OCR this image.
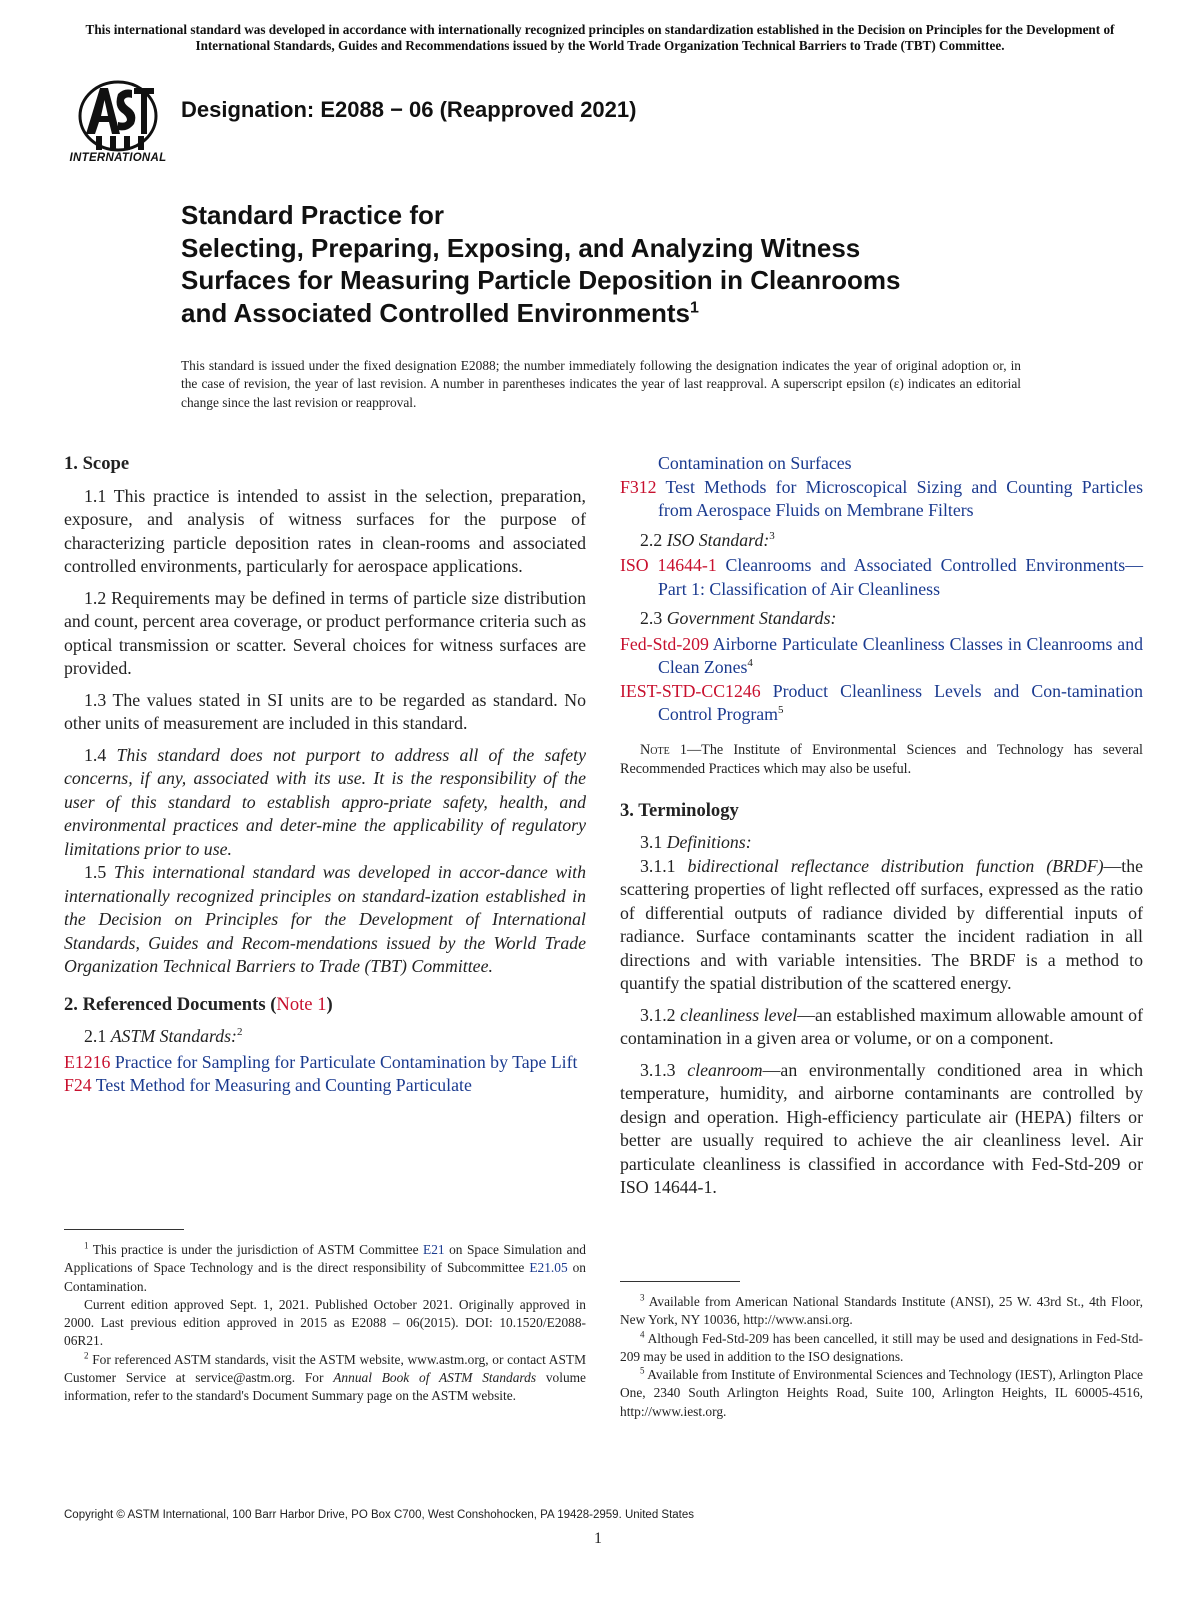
This international standard was developed in accordance with internationally recognized principles on standardization established in the Decision on Principles for the Development of International Standards, Guides and Recommendations issued by the World Trade Organization Technical Barriers to Trade (TBT) Committee.
INTERNATIONAL
Designation: E2088 − 06 (Reapproved 2021)
Standard Practice for
Selecting, Preparing, Exposing, and Analyzing Witness
Surfaces for Measuring Particle Deposition in Cleanrooms
and Associated Controlled Environments$^1$
This standard is issued under the fixed designation E2088; the number immediately following the designation indicates the year of original adoption or, in the case of revision, the year of last revision. A number in parentheses indicates the year of last reapproval. A superscript epsilon (ε) indicates an editorial change since the last revision or reapproval.
1. Scope

1.1 This practice is intended to assist in the selection, preparation, exposure, and analysis of witness surfaces for the purpose of characterizing particle deposition rates in clean-rooms and associated controlled environments, particularly for aerospace applications.

1.2 Requirements may be defined in terms of particle size distribution and count, percent area coverage, or product performance criteria such as optical transmission or scatter. Several choices for witness surfaces are provided.

1.3 The values stated in SI units are to be regarded as standard. No other units of measurement are included in this standard.

1.4 This standard does not purport to address all of the safety concerns, if any, associated with its use. It is the responsibility of the user of this standard to establish appro-priate safety, health, and environmental practices and deter-mine the applicability of regulatory limitations prior to use.

1.5 This international standard was developed in accor-dance with internationally recognized principles on standard-ization established in the Decision on Principles for the Development of International Standards, Guides and Recom-mendations issued by the World Trade Organization Technical Barriers to Trade (TBT) Committee.

2. Referenced Documents (Note 1)

2.1 ASTM Standards:$^2$

E1216 Practice for Sampling for Particulate Contamination by Tape Lift

F24 Test Method for Measuring and Counting Particulate

Contamination on Surfaces

F312 Test Methods for Microscopical Sizing and Counting Particles from Aerospace Fluids on Membrane Filters

2.2 ISO Standard:$^3$

ISO 14644-1 Cleanrooms and Associated Controlled Environments—Part 1: Classification of Air Cleanliness

2.3 Government Standards:

Fed-Std-209 Airborne Particulate Cleanliness Classes in Cleanrooms and Clean Zones$^4$

IEST-STD-CC1246 Product Cleanliness Levels and Con-tamination Control Program$^5$

Note 1—The Institute of Environmental Sciences and Technology has several Recommended Practices which may also be useful.

3. Terminology

3.1 Definitions:

3.1.1 bidirectional reflectance distribution function (BRDF)—the scattering properties of light reflected off surfaces, expressed as the ratio of differential outputs of radiance divided by differential inputs of radiance. Surface contaminants scatter the incident radiation in all directions and with variable intensities. The BRDF is a method to quantify the spatial distribution of the scattered energy.

3.1.2 cleanliness level—an established maximum allowable amount of contamination in a given area or volume, or on a component.

3.1.3 cleanroom—an environmentally conditioned area in which temperature, humidity, and airborne contaminants are controlled by design and operation. High-efficiency particulate air (HEPA) filters or better are usually required to achieve the air cleanliness level. Air particulate cleanliness is classified in accordance with Fed-Std-209 or ISO 14644-1.

$^1$ This practice is under the jurisdiction of ASTM Committee E21 on Space Simulation and Applications of Space Technology and is the direct responsibility of Subcommittee E21.05 on Contamination.

Current edition approved Sept. 1, 2021. Published October 2021. Originally approved in 2000. Last previous edition approved in 2015 as E2088 – 06(2015). DOI: 10.1520/E2088-06R21.

$^2$ For referenced ASTM standards, visit the ASTM website, www.astm.org, or contact ASTM Customer Service at service@astm.org. For Annual Book of ASTM Standards volume information, refer to the standard's Document Summary page on the ASTM website.

$^3$ Available from American National Standards Institute (ANSI), 25 W. 43rd St., 4th Floor, New York, NY 10036, http://www.ansi.org.

$^4$ Although Fed-Std-209 has been cancelled, it still may be used and designations in Fed-Std-209 may be used in addition to the ISO designations.

$^5$ Available from Institute of Environmental Sciences and Technology (IEST), Arlington Place One, 2340 South Arlington Heights Road, Suite 100, Arlington Heights, IL 60005-4516, http://www.iest.org.

Copyright © ASTM International, 100 Barr Harbor Drive, PO Box C700, West Conshohocken, PA 19428-2959. United States
1
